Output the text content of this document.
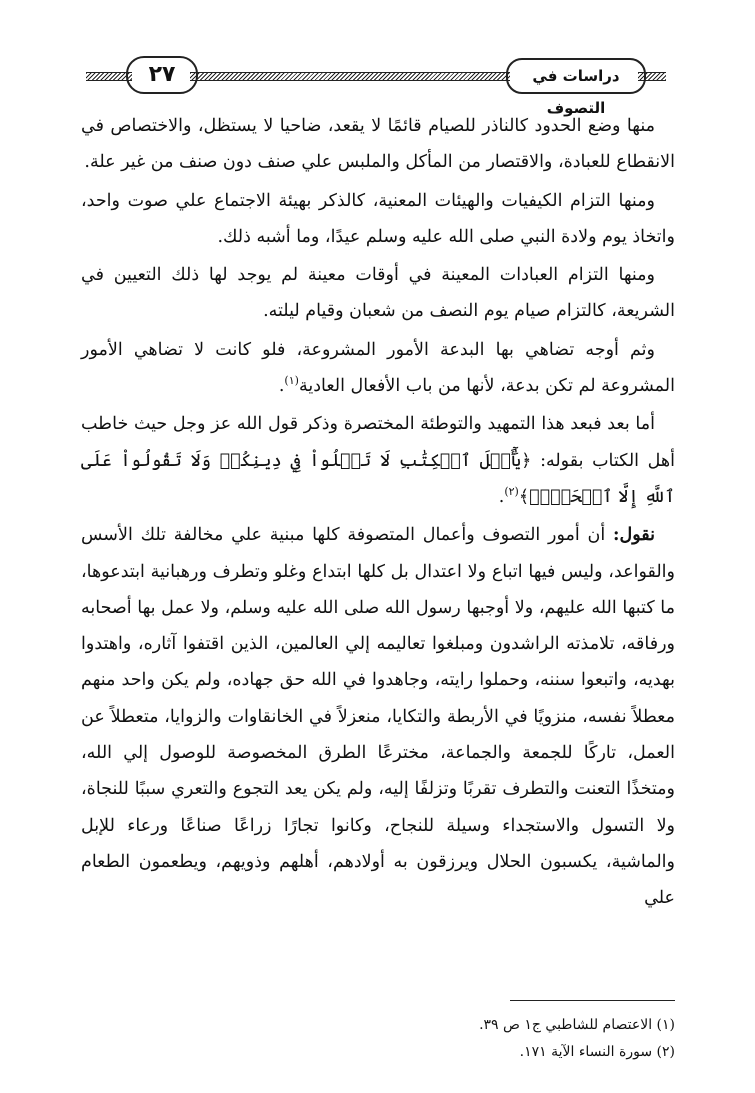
٢٧	دراسات في التصوف

منها وضع الحدود كالناذر للصيام قائمًا لا يقعد، ضاحيا لا يستظل، والاختصاص في الانقطاع للعبادة، والاقتصار من المأكل والملبس علي صنف دون صنف من غير علة.

ومنها التزام الكيفيات والهيئات المعنية، كالذكر بهيئة الاجتماع علي صوت واحد، واتخاذ يوم ولادة النبي صلى الله عليه وسلم عيدًا، وما أشبه ذلك.

ومنها التزام العبادات المعينة في أوقات معينة لم يوجد لها ذلك التعيين في الشريعة، كالتزام صيام يوم النصف من شعبان وقيام ليلته.

وثم أوجه تضاهي بها البدعة الأمور المشروعة، فلو كانت لا تضاهي الأمور المشروعة لم تكن بدعة، لأنها من باب الأفعال العادية$^{(١)}$.

أما بعد فبعد هذا التمهيد والتوطئة المختصرة وذكر قول الله عز وجل حيث خاطب أهل الكتاب بقوله: ﴿يَٰٓأَهۡلَ ٱلۡكِتَٰبِ لَا تَغۡلُواْ فِي دِينِكُمۡ وَلَا تَقُولُواْ عَلَى ٱللَّهِ إِلَّا ٱلۡحَقَّۚ﴾$^{(٢)}$.

نقول: أن أمور التصوف وأعمال المتصوفة كلها مبنية علي مخالفة تلك الأسس والقواعد، وليس فيها اتباع ولا اعتدال بل كلها ابتداع وغلو وتطرف ورهبانية ابتدعوها، ما كتبها الله عليهم، ولا أوجبها رسول الله صلى الله عليه وسلم، ولا عمل بها أصحابه ورفاقه، تلامذته الراشدون ومبلغوا تعاليمه إلي العالمين، الذين اقتفوا آثاره، واهتدوا بهديه، واتبعوا سننه، وحملوا رايته، وجاهدوا في الله حق جهاده، ولم يكن واحد منهم معطلاً نفسه، منزويًا في الأربطة والتكايا، منعزلاً في الخانقاوات والزوايا، متعطلاً عن العمل، تاركًا للجمعة والجماعة، مخترعًا الطرق المخصوصة للوصول إلي الله، ومتخذًا التعنت والتطرف تقربًا وتزلفًا إليه، ولم يكن يعد التجوع والتعري سببًا للنجاة، ولا التسول والاستجداء وسيلة للنجاح، وكانوا تجارًا زراعًا صناعًا ورعاء للإبل والماشية، يكسبون الحلال ويرزقون به أولادهم، أهلهم وذويهم، ويطعمون الطعام علي

(١) الاعتصام للشاطبي ج١ ص ٣٩.
(٢) سورة النساء الآية ١٧١.
